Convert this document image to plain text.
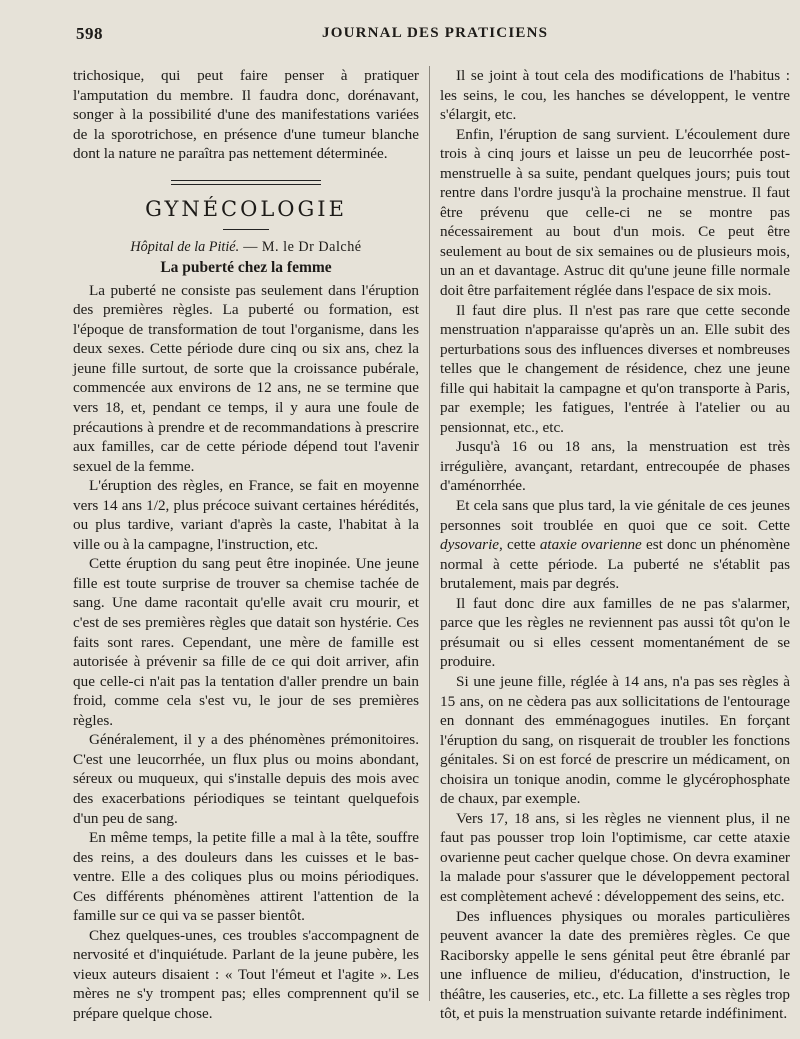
598	JOURNAL DES PRATICIENS

trichosique, qui peut faire penser à pratiquer l'amputation du membre. Il faudra donc, dorénavant, songer à la possibilité d'une des manifestations variées de la sporotrichose, en présence d'une tumeur blanche dont la nature ne paraîtra pas nettement déterminée.

GYNÉCOLOGIE
Hôpital de la Pitié. — M. le Dr Dalché
La puberté chez la femme

La puberté ne consiste pas seulement dans l'éruption des premières règles. La puberté ou formation, est l'époque de transformation de tout l'organisme, dans les deux sexes. Cette période dure cinq ou six ans, chez la jeune fille surtout, de sorte que la croissance pubérale, commencée aux environs de 12 ans, ne se termine que vers 18, et, pendant ce temps, il y aura une foule de précautions à prendre et de recommandations à prescrire aux familles, car de cette période dépend tout l'avenir sexuel de la femme.

L'éruption des règles, en France, se fait en moyenne vers 14 ans 1/2, plus précoce suivant certaines hérédités, ou plus tardive, variant d'après la caste, l'habitat à la ville ou à la campagne, l'instruction, etc.

Cette éruption du sang peut être inopinée. Une jeune fille est toute surprise de trouver sa chemise tachée de sang. Une dame racontait qu'elle avait cru mourir, et c'est de ses premières règles que datait son hystérie. Ces faits sont rares. Cependant, une mère de famille est autorisée à prévenir sa fille de ce qui doit arriver, afin que celle-ci n'ait pas la tentation d'aller prendre un bain froid, comme cela s'est vu, le jour de ses premières règles.

Généralement, il y a des phénomènes prémonitoires. C'est une leucorrhée, un flux plus ou moins abondant, séreux ou muqueux, qui s'installe depuis des mois avec des exacerbations périodiques se teintant quelquefois d'un peu de sang.

En même temps, la petite fille a mal à la tête, souffre des reins, a des douleurs dans les cuisses et le bas-ventre. Elle a des coliques plus ou moins périodiques. Ces différents phénomènes attirent l'attention de la famille sur ce qui va se passer bientôt.

Chez quelques-unes, ces troubles s'accompagnent de nervosité et d'inquiétude. Parlant de la jeune pubère, les vieux auteurs disaient : « Tout l'émeut et l'agite ». Les mères ne s'y trompent pas; elles comprennent qu'il se prépare quelque chose.

Il se joint à tout cela des modifications de l'habitus : les seins, le cou, les hanches se développent, le ventre s'élargit, etc.

Enfin, l'éruption de sang survient. L'écoulement dure trois à cinq jours et laisse un peu de leucorrhée post-menstruelle à sa suite, pendant quelques jours; puis tout rentre dans l'ordre jusqu'à la prochaine menstrue. Il faut être prévenu que celle-ci ne se montre pas nécessairement au bout d'un mois. Ce peut être seulement au bout de six semaines ou de plusieurs mois, un an et davantage. Astruc dit qu'une jeune fille normale doit être parfaitement réglée dans l'espace de six mois.

Il faut dire plus. Il n'est pas rare que cette seconde menstruation n'apparaisse qu'après un an. Elle subit des perturbations sous des influences diverses et nombreuses telles que le changement de résidence, chez une jeune fille qui habitait la campagne et qu'on transporte à Paris, par exemple; les fatigues, l'entrée à l'atelier ou au pensionnat, etc., etc.

Jusqu'à 16 ou 18 ans, la menstruation est très irrégulière, avançant, retardant, entrecoupée de phases d'aménorrhée.

Et cela sans que plus tard, la vie génitale de ces jeunes personnes soit troublée en quoi que ce soit. Cette dysovarie, cette ataxie ovarienne est donc un phénomène normal à cette période. La puberté ne s'établit pas brutalement, mais par degrés.

Il faut donc dire aux familles de ne pas s'alarmer, parce que les règles ne reviennent pas aussi tôt qu'on le présumait ou si elles cessent momentanément de se produire.

Si une jeune fille, réglée à 14 ans, n'a pas ses règles à 15 ans, on ne cèdera pas aux sollicitations de l'entourage en donnant des emménagogues inutiles. En forçant l'éruption du sang, on risquerait de troubler les fonctions génitales. Si on est forcé de prescrire un médicament, on choisira un tonique anodin, comme le glycérophosphate de chaux, par exemple.

Vers 17, 18 ans, si les règles ne viennent plus, il ne faut pas pousser trop loin l'optimisme, car cette ataxie ovarienne peut cacher quelque chose. On devra examiner la malade pour s'assurer que le développement pectoral est complètement achevé : développement des seins, etc.

Des influences physiques ou morales particulières peuvent avancer la date des premières règles. Ce que Raciborsky appelle le sens génital peut être ébranlé par une influence de milieu, d'éducation, d'instruction, le théâtre, les causeries, etc., etc. La fillette a ses règles trop tôt, et puis la menstruation suivante retarde indéfiniment.
